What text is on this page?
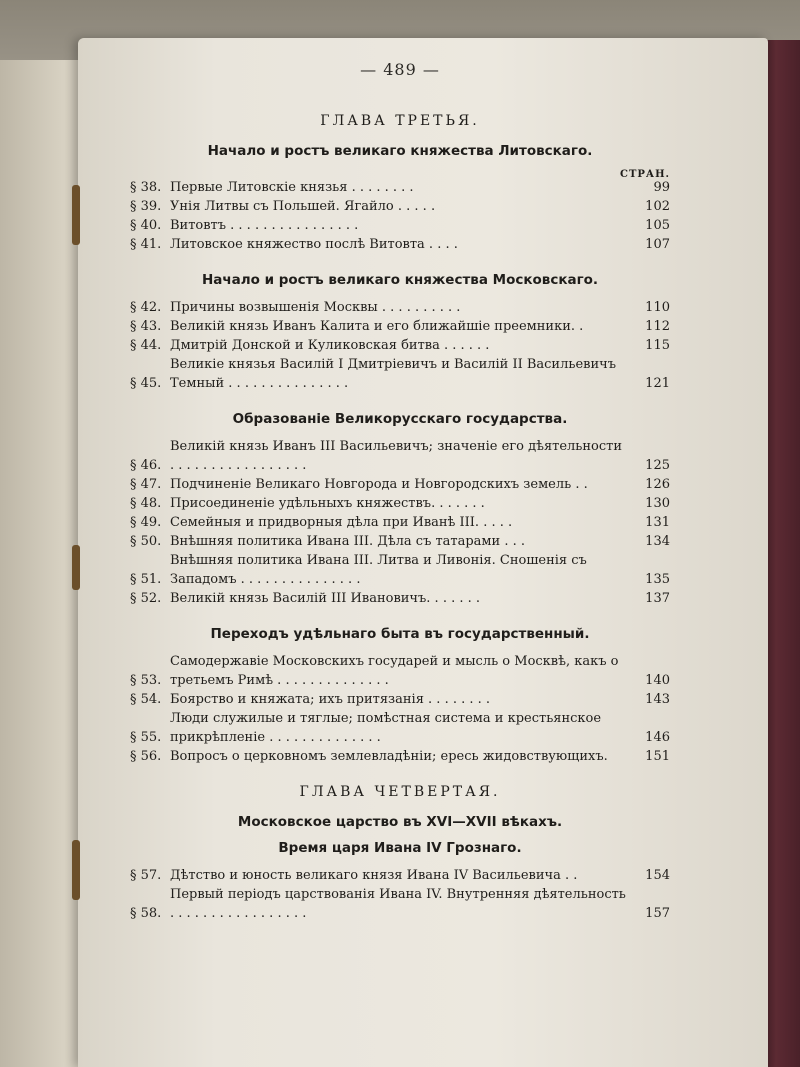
— 489 —
ГЛАВА ТРЕТЬЯ.
Начало и ростъ великаго княжества Литовскаго.
СТРАН.
§ 38. Первые Литовскіе князья . . . . . . . .	99
§ 39. Унія Литвы съ Польшей. Ягайло . . . . .	102
§ 40. Витовтъ . . . . . . . . . . . . . . . .	105
§ 41. Литовское княжество послѣ Витовта . . . .	107
Начало и ростъ великаго княжества Московскаго.
§ 42. Причины возвышенія Москвы . . . . . . . . . .	110
§ 43. Великій князь Иванъ Калита и его ближайшіе преемники. .	112
§ 44. Дмитрій Донской и Куликовская битва . . . . . .	115
§ 45.
Великіе князья Василій I Дмитріевичъ и Василій II Васильевичъ Темный . . . . . . . . . . . . . . .	121
Образованіе Великорусскаго государства.
§ 46.
Великій князь Иванъ III Васильевичъ; значеніе его дѣятельности . . . . . . . . . . . . . . . . .	125
§ 47. Подчиненіе Великаго Новгорода и Новгородскихъ земель . .	126
§ 48. Присоединеніе удѣльныхъ княжествъ. . . . . . .	130
§ 49. Семейныя и придворныя дѣла при Иванѣ III. . . . .	131
§ 50. Внѣшняя политика Ивана III. Дѣла съ татарами . . .	134
§ 51.
Внѣшняя политика Ивана III. Литва и Ливонія. Сношенія съ Западомъ . . . . . . . . . . . . . . .	135
§ 52. Великій князь Василій III Ивановичъ. . . . . . .	137
Переходъ удѣльнаго быта въ государственный.
§ 53.
Самодержавіе Московскихъ государей и мысль о Москвѣ, какъ о третьемъ Римѣ . . . . . . . . . . . . . .	140
§ 54. Боярство и княжата; ихъ притязанія . . . . . . . .	143
§ 55.
Люди служилые и тяглые; помѣстная система и крестьянское прикрѣпленіе . . . . . . . . . . . . . .	146
§ 56. Вопросъ о церковномъ землевладѣніи; ересь жидовствующихъ.	151
ГЛАВА ЧЕТВЕРТАЯ.
Московское царство въ XVI—XVII вѣкахъ.
Время царя Ивана IV Грознаго.
§ 57. Дѣтство и юность великаго князя Ивана IV Васильевича . .	154
§ 58.
Первый періодъ царствованія Ивана IV. Внутренняя дѣятельность . . . . . . . . . . . . . . . . .	157
